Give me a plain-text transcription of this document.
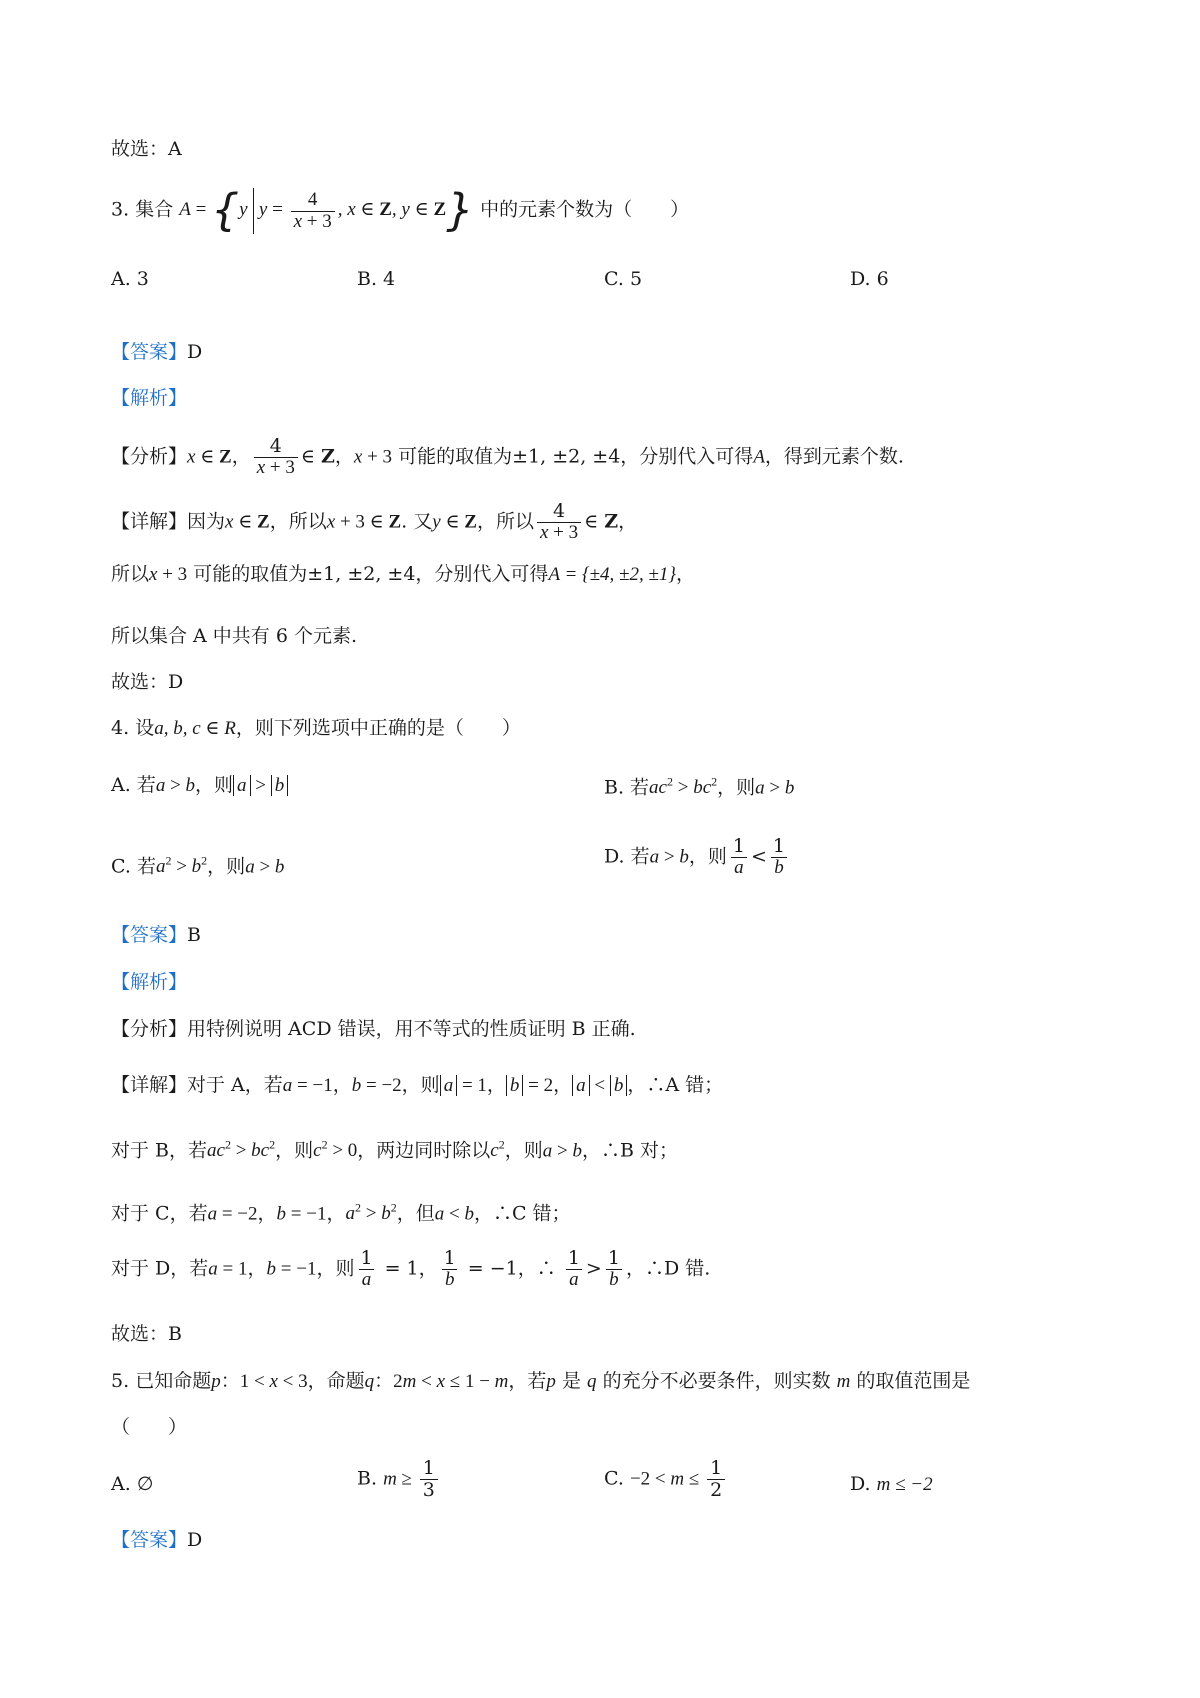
故选：A
3. 集合 A = {y $y = \frac{4}{x + 3}$ , x ∈ Z, y ∈ Z} 中的元素个数为（　　）
A. 3	B. 4	C. 5	D. 6
【答案】D
【解析】
【分析】x ∈ Z， $\frac{4}{x + 3}$ ∈ Z，x + 3 可能的取值为±1, ±2, ±4，分别代入可得A，得到元素个数.
【详解】因为x ∈ Z，所以x + 3 ∈ Z. 又y ∈ Z，所以 $\frac{4}{x + 3}$ ∈ Z，
所以x + 3 可能的取值为±1, ±2, ±4，分别代入可得A = {±4, ±2, ±1}，
所以集合 A 中共有 6 个元素.
故选：D
4. 设a, b, c ∈ R，则下列选项中正确的是（　　）
A. 若a > b，则 a > b	B. 若$ac^2 > bc^2$，则a > b
C. 若$a^2 > b^2$，则a > b	D. 若a > b，则 $\frac{1}{a} < \frac{1}{b}$
【答案】B
【解析】
【分析】用特例说明 ACD 错误，用不等式的性质证明 B 正确.
【详解】对于 A，若a = −1，b = −2，则 a = 1， b = 2， a < b ，∴A 错；
对于 B，若$ac^2 > bc^2$，则$c^2 > 0$，两边同时除以$c^2$，则a > b，∴B 对；
对于 C，若a = −2，b = −1，$a^2 > b^2$，但a < b，∴C 错；
对于 D，若a = 1，b = −1，则 $\frac{1}{a} = 1$， $\frac{1}{b} = -1$，∴ $\frac{1}{a} > \frac{1}{b}$ ，∴D 错.
故选：B
5. 已知命题p：1 < x < 3，命题q：2m < x ≤ 1 − m，若p 是 q 的充分不必要条件，则实数 m 的取值范围是
（　　）
A. ∅	B. $m \ge \frac{1}{3}$	C. $-2 < m \le \frac{1}{2}$	D. m ≤ −2
【答案】D
